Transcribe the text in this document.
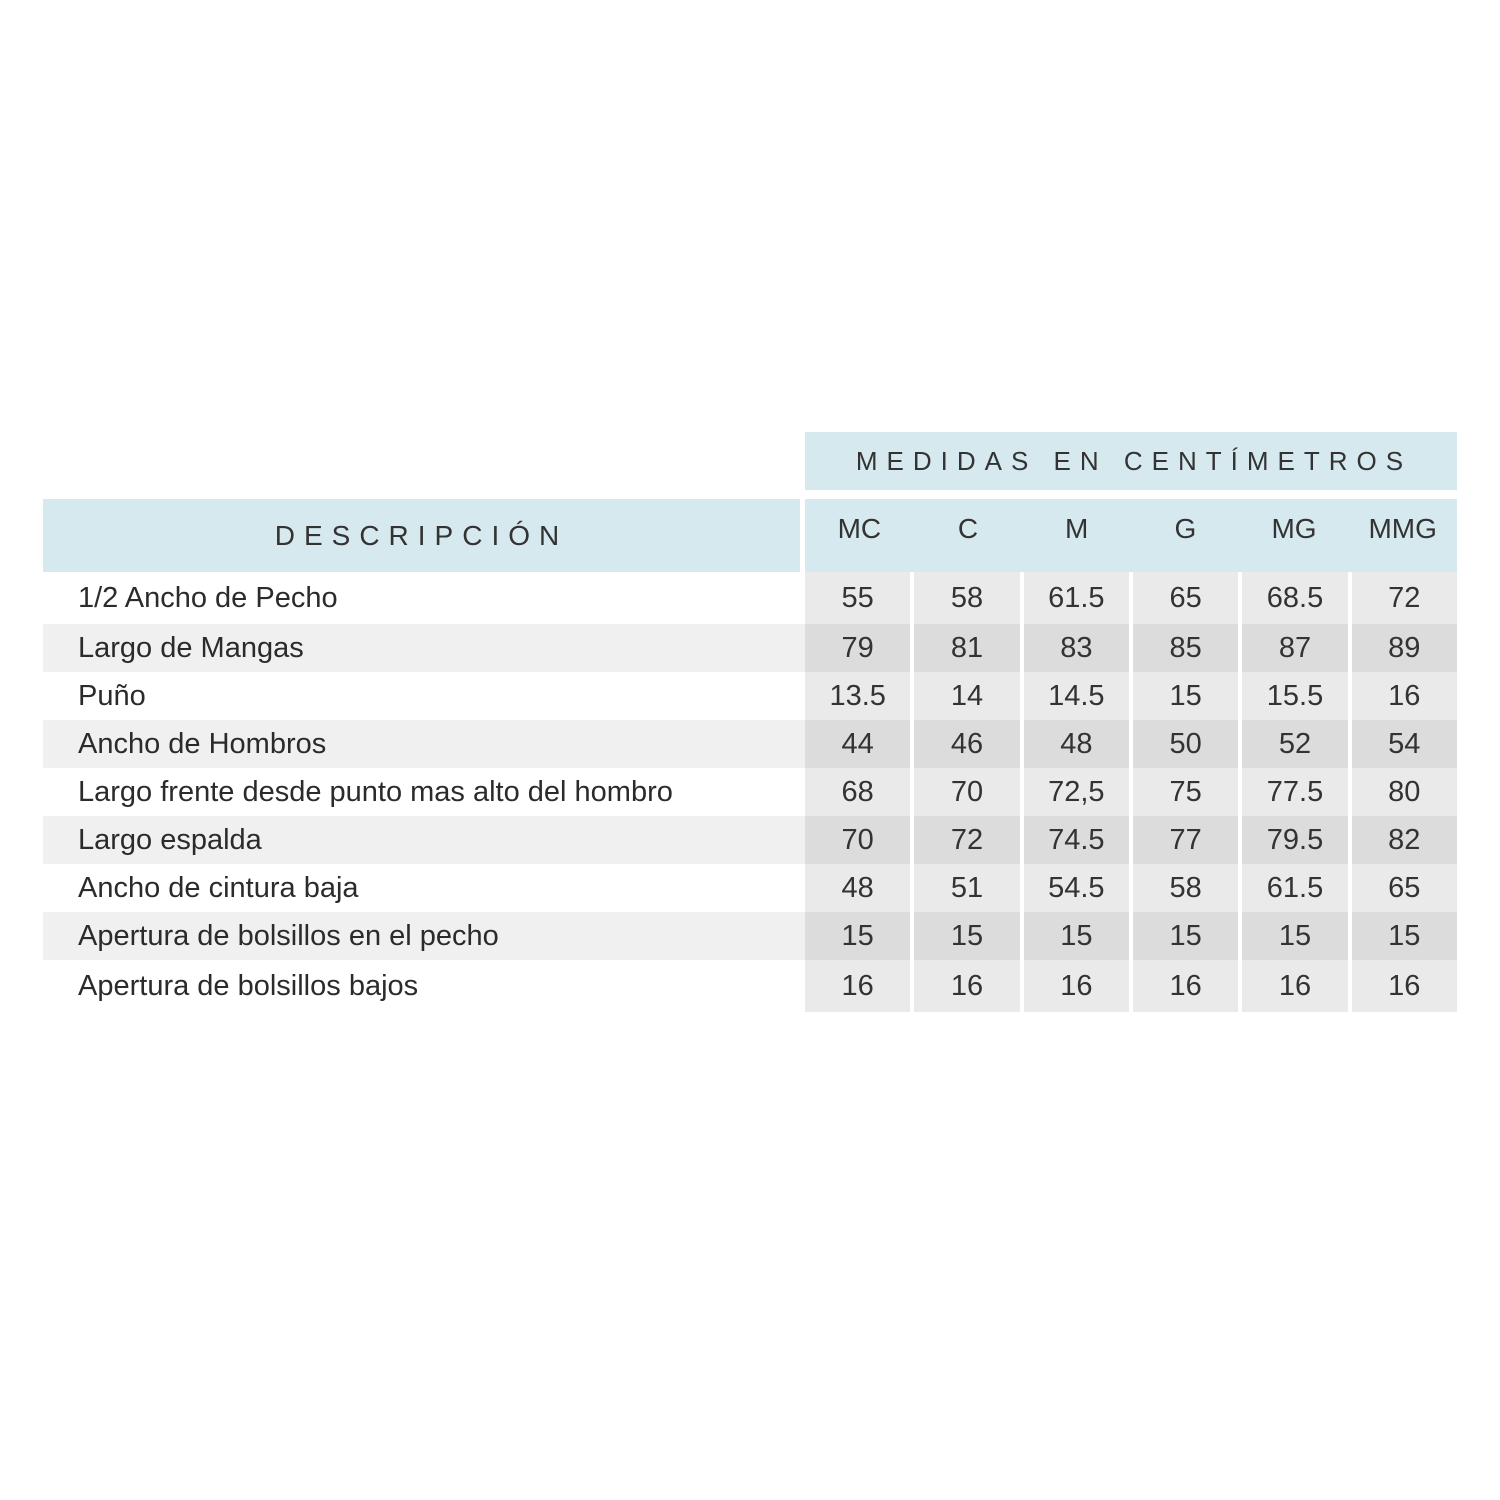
MEDIDAS EN CENTÍMETROS
DESCRIPCIÓN	MC	C	M	G	MG	MMG
1/2 Ancho de Pecho	55	58	61.5	65	68.5	72
Largo de Mangas	79	81	83	85	87	89
Puño	13.5	14	14.5	15	15.5	16
Ancho de Hombros	44	46	48	50	52	54
Largo frente desde punto mas alto del hombro	68	70	72,5	75	77.5	80
Largo espalda	70	72	74.5	77	79.5	82
Ancho de cintura baja	48	51	54.5	58	61.5	65
Apertura de bolsillos en el pecho	15	15	15	15	15	15
Apertura de bolsillos bajos	16	16	16	16	16	16
